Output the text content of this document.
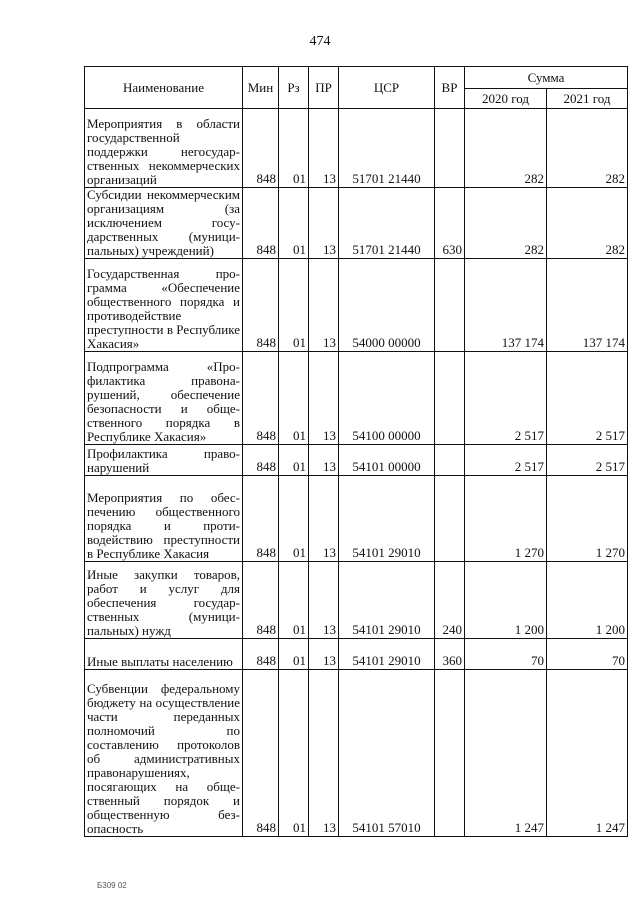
474
Наименование	Мин	Рз	ПР	ЦСР	ВР	Сумма	
						2020 год	2021 год
Мероприятия в области государственной поддержки негосударственных некоммерческих организаций	848	01	13	51701 21440		282	282
Субсидии некоммерческим организациям (за исключением государственных (муниципальных) учреждений)	848	01	13	51701 21440	630	282	282
Государственная программа «Обеспечение общественного порядка и противодействие преступности в Республике Хакасия»	848	01	13	54000 00000		137 174	137 174
Подпрограмма «Профилактика правонарушений, обеспечение безопасности и общественного порядка в Республике Хакасия»	848	01	13	54100 00000		2 517	2 517
Профилактика правонарушений	848	01	13	54101 00000		2 517	2 517
Мероприятия по обеспечению общественного порядка и противодействию преступности в Республике Хакасия	848	01	13	54101 29010		1 270	1 270
Иные закупки товаров, работ и услуг для обеспечения государственных (муниципальных) нужд	848	01	13	54101 29010	240	1 200	1 200
Иные выплаты населению	848	01	13	54101 29010	360	70	70
Субвенции федеральному бюджету на осуществление части переданных полномочий по составлению протоколов об административных правонарушениях, посягающих на общественный порядок и общественную безопасность	848	01	13	54101 57010		1 247	1 247
Б309 02
